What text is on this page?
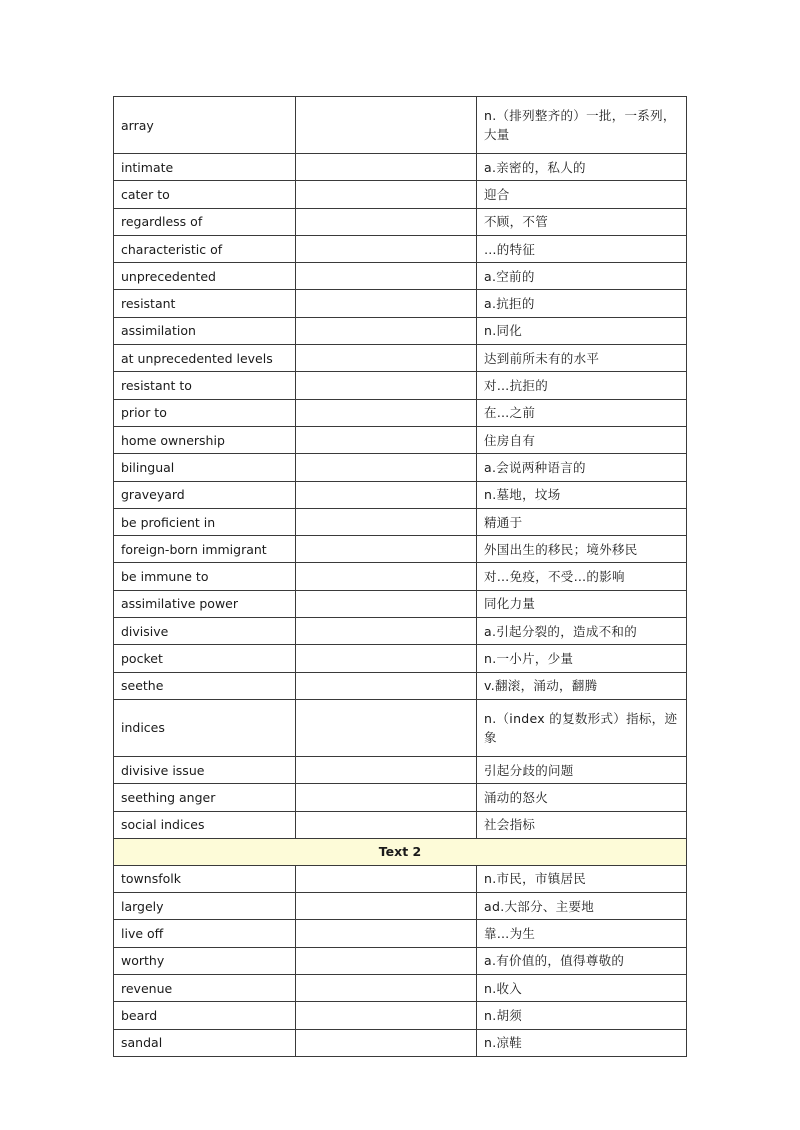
array		n.（排列整齐的）一批，一系列，大量
intimate		a.亲密的，私人的
cater to		迎合
regardless of		不顾，不管
characteristic of		…的特征
unprecedented		a.空前的
resistant		a.抗拒的
assimilation		n.同化
at unprecedented levels		达到前所未有的水平
resistant to		对…抗拒的
prior to		在…之前
home ownership		住房自有
bilingual		a.会说两种语言的
graveyard		n.墓地，坟场
be proficient in		精通于
foreign-born immigrant		外国出生的移民；境外移民
be immune to		对…免疫，不受…的影响
assimilative power		同化力量
divisive		a.引起分裂的，造成不和的
pocket		n.一小片，少量
seethe		v.翻滚，涌动，翻腾
indices		n.（index 的复数形式）指标，迹象
divisive issue		引起分歧的问题
seething anger		涌动的怒火
social indices		社会指标
Text 2		
townsfolk		n.市民，市镇居民
largely		ad.大部分、主要地
live off		靠…为生
worthy		a.有价值的，值得尊敬的
revenue		n.收入
beard		n.胡须
sandal		n.凉鞋
